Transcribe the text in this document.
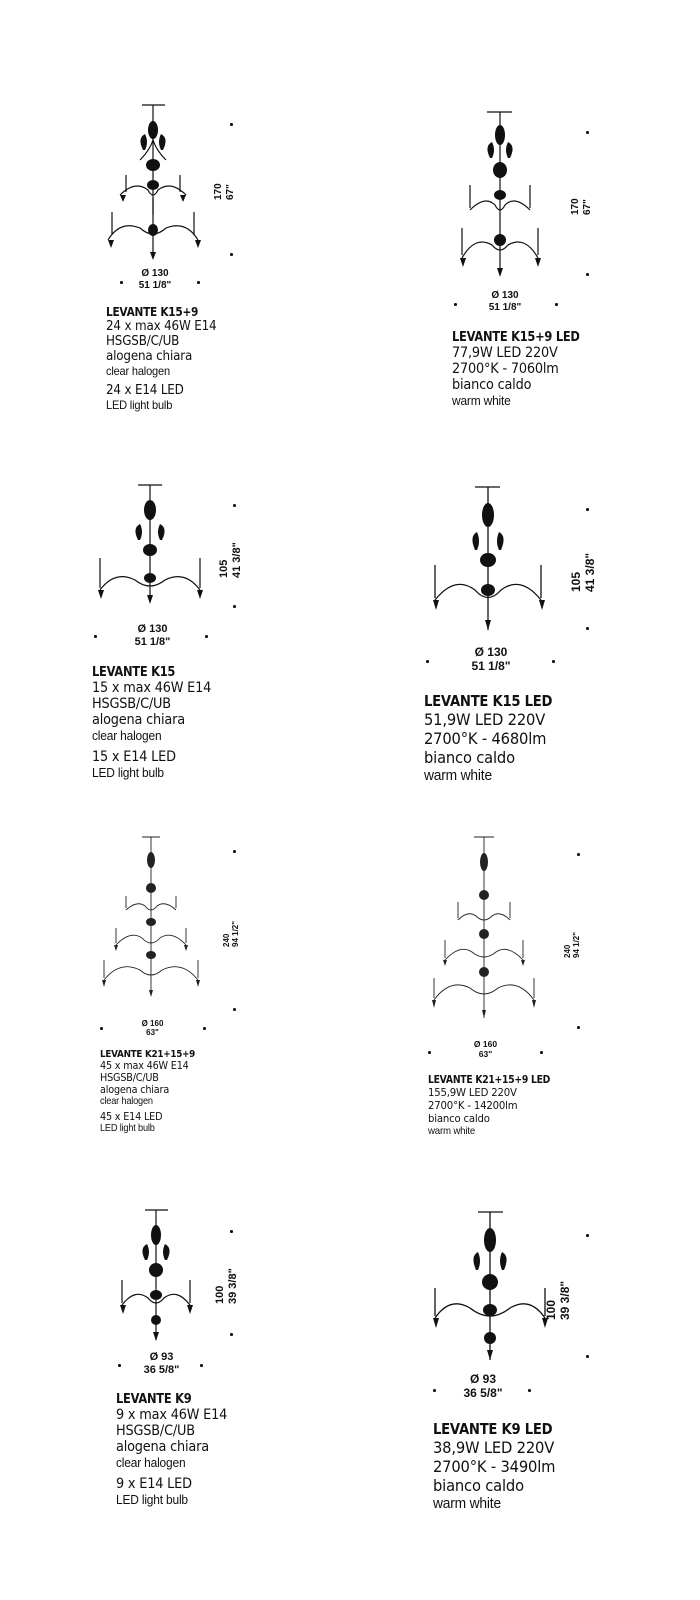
170 67"
Ø 130
51 1/8"
LEVANTE K15+9
24 x max 46W E14
HSGSB/C/UB
alogena chiara
clear halogen
24 x E14 LED
LED light bulb
170 67"
Ø 130
51 1/8"
LEVANTE K15+9 LED
77,9W LED 220V
2700°K - 7060lm
bianco caldo
warm white
105 41 3/8"
Ø 130
51 1/8"
LEVANTE K15
15 x max 46W E14
HSGSB/C/UB
alogena chiara
clear halogen
15 x E14 LED
LED light bulb
105 41 3/8"
Ø 130
51 1/8"
LEVANTE K15 LED
51,9W LED 220V
2700°K - 4680lm
bianco caldo
warm white
240 94 1/2"
Ø 160
63"
LEVANTE K21+15+9
45 x max 46W E14
HSGSB/C/UB
alogena chiara
clear halogen
45 x E14 LED
LED light bulb
240 94 1/2"
Ø 160
63"
LEVANTE K21+15+9 LED
155,9W LED 220V
2700°K - 14200lm
bianco caldo
warm white
100 39 3/8"
Ø 93
36 5/8"
LEVANTE K9
9 x max 46W E14
HSGSB/C/UB
alogena chiara
clear halogen
9 x E14 LED
LED light bulb
100 39 3/8"
Ø 93
36 5/8"
LEVANTE K9 LED
38,9W LED 220V
2700°K - 3490lm
bianco caldo
warm white
